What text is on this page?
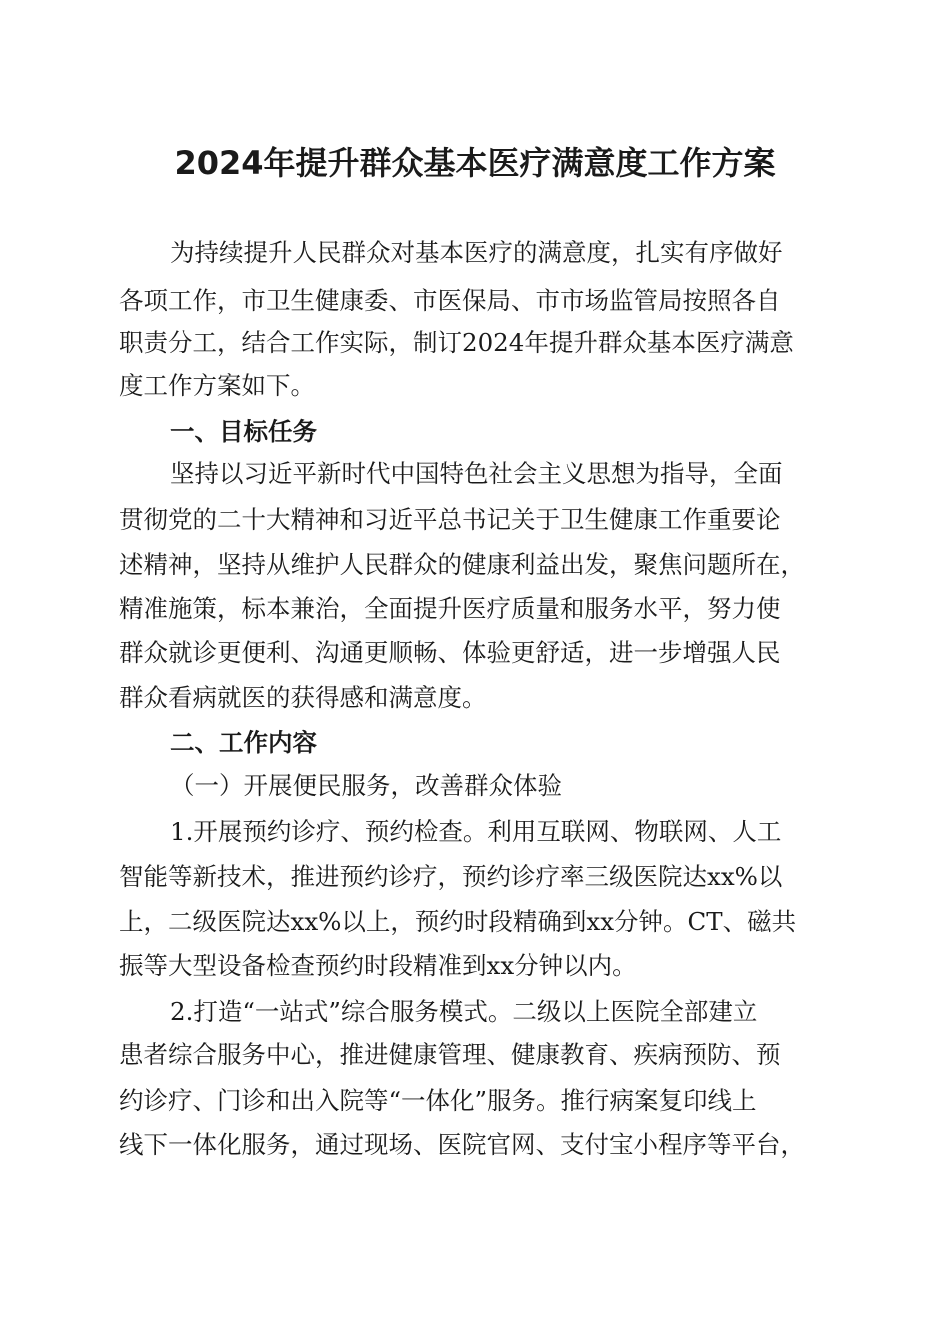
2024年提升群众基本医疗满意度工作方案
为持续提升人民群众对基本医疗的满意度，扎实有序做好
各项工作，市卫生健康委、市医保局、市市场监管局按照各自
职责分工，结合工作实际，制订2024年提升群众基本医疗满意
度工作方案如下。
一、目标任务
坚持以习近平新时代中国特色社会主义思想为指导，全面
贯彻党的二十大精神和习近平总书记关于卫生健康工作重要论
述精神，坚持从维护人民群众的健康利益出发，聚焦问题所在，
精准施策，标本兼治，全面提升医疗质量和服务水平，努力使
群众就诊更便利、沟通更顺畅、体验更舒适，进一步增强人民
群众看病就医的获得感和满意度。
二、工作内容
（一）开展便民服务，改善群众体验
1.开展预约诊疗、预约检查。利用互联网、物联网、人工
智能等新技术，推进预约诊疗，预约诊疗率三级医院达xx%以
上，二级医院达xx%以上，预约时段精确到xx分钟。CT、磁共
振等大型设备检查预约时段精准到xx分钟以内。
2.打造“一站式”综合服务模式。二级以上医院全部建立
患者综合服务中心，推进健康管理、健康教育、疾病预防、预
约诊疗、门诊和出入院等“一体化”服务。推行病案复印线上
线下一体化服务，通过现场、医院官网、支付宝小程序等平台，
